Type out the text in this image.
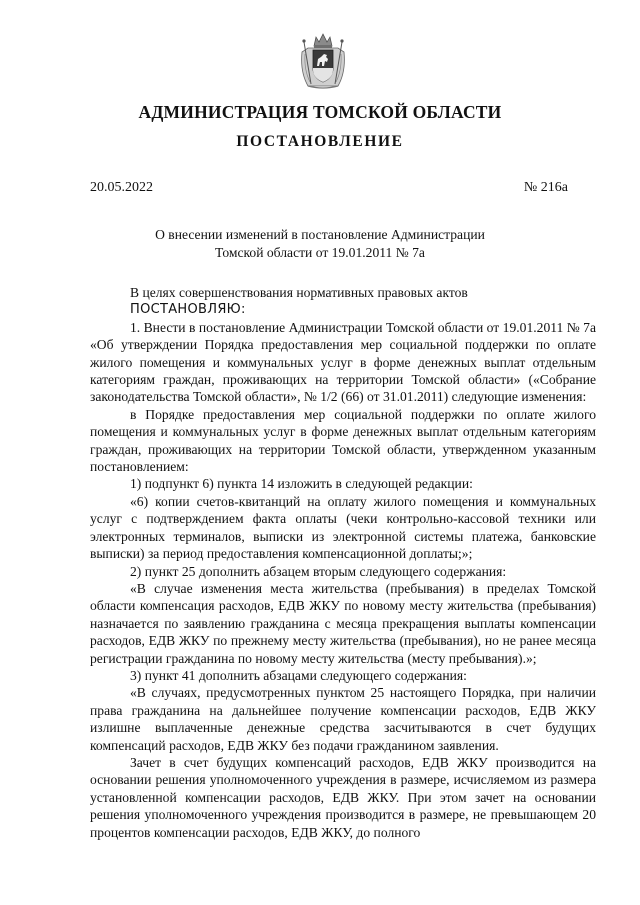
АДМИНИСТРАЦИЯ ТОМСКОЙ ОБЛАСТИ
ПОСТАНОВЛЕНИЕ
20.05.2022	№ 216а
О внесении изменений в постановление Администрации Томской области от 19.01.2011 № 7а

В целях совершенствования нормативных правовых актов

ПОСТАНОВЛЯЮ:

1. Внести в постановление Администрации Томской области от 19.01.2011 № 7а «Об утверждении Порядка предоставления мер социальной поддержки по оплате жилого помещения и коммунальных услуг в форме денежных выплат отдельным категориям граждан, проживающих на территории Томской области» («Собрание законодательства Томской области», № 1/2 (66) от 31.01.2011) следующие изменения:

в Порядке предоставления мер социальной поддержки по оплате жилого помещения и коммунальных услуг в форме денежных выплат отдельным категориям граждан, проживающих на территории Томской области, утвержденном указанным постановлением:

1) подпункт 6) пункта 14 изложить в следующей редакции:

«6) копии счетов-квитанций на оплату жилого помещения и коммунальных услуг с подтверждением факта оплаты (чеки контрольно-кассовой техники или электронных терминалов, выписки из электронной системы платежа, банковские выписки) за период предоставления компенсационной доплаты;»;

2) пункт 25 дополнить абзацем вторым следующего содержания:

«В случае изменения места жительства (пребывания) в пределах Томской области компенсация расходов, ЕДВ ЖКУ по новому месту жительства (пребывания) назначается по заявлению гражданина с месяца прекращения выплаты компенсации расходов, ЕДВ ЖКУ по прежнему месту жительства (пребывания), но не ранее месяца регистрации гражданина по новому месту жительства (месту пребывания).»;

3) пункт 41 дополнить абзацами следующего содержания:

«В случаях, предусмотренных пунктом 25 настоящего Порядка, при наличии права гражданина на дальнейшее получение компенсации расходов, ЕДВ ЖКУ излишне выплаченные денежные средства засчитываются в счет будущих компенсаций расходов, ЕДВ ЖКУ без подачи гражданином заявления.

Зачет в счет будущих компенсаций расходов, ЕДВ ЖКУ производится на основании решения уполномоченного учреждения в размере, исчисляемом из размера установленной компенсации расходов, ЕДВ ЖКУ. При этом зачет на основании решения уполномоченного учреждения производится в размере, не превышающем 20 процентов компенсации расходов, ЕДВ ЖКУ, до полного
